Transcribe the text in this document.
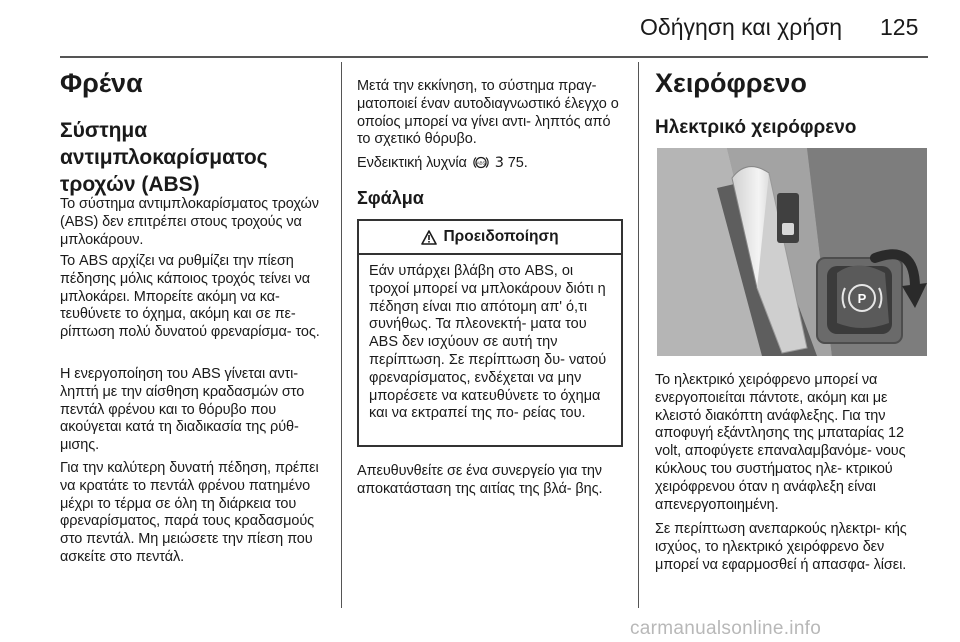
Οδήγηση και χρήση 125
Φρένα
Σύστημα αντιμπλοκαρίσματος τροχών (ABS)

Το σύστημα αντιμπλοκαρίσματος τροχών (ABS) δεν επιτρέπει στους τροχούς να μπλοκάρουν.

Το ABS αρχίζει να ρυθμίζει την πίεση πέδησης μόλις κάποιος τροχός τείνει να μπλοκάρει. Μπορείτε ακόμη να κα- τευθύνετε το όχημα, ακόμη και σε πε- ρίπτωση πολύ δυνατού φρεναρίσμα- τος.

Η ενεργοποίηση του ABS γίνεται αντι- ληπτή με την αίσθηση κραδασμών στο πεντάλ φρένου και το θόρυβο που ακούγεται κατά τη διαδικασία της ρύθ- μισης.

Για την καλύτερη δυνατή πέδηση, πρέπει να κρατάτε το πεντάλ φρένου πατημένο μέχρι το τέρμα σε όλη τη διάρκεια του φρεναρίσματος, παρά τους κραδασμούς στο πεντάλ. Μη μειώσετε την πίεση που ασκείτε στο πεντάλ.

Μετά την εκκίνηση, το σύστημα πραγ- ματοποιεί έναν αυτοδιαγνωστικό έλεγχο ο οποίος μπορεί να γίνει αντι- ληπτός από το σχετικό θόρυβο.

Ενδεικτική λυχνία (ABS) 3 75.

Σφάλμα
Προειδοποίηση

Εάν υπάρχει βλάβη στο ABS, οι τροχοί μπορεί να μπλοκάρουν διότι η πέδηση είναι πιο απότομη απ' ό,τι συνήθως. Τα πλεονεκτή- ματα του ABS δεν ισχύουν σε αυτή την περίπτωση. Σε περίπτωση δυ- νατού φρεναρίσματος, ενδέχεται να μην μπορέσετε να κατευθύνετε το όχημα και να εκτραπεί της πο- ρείας του.

Απευθυνθείτε σε ένα συνεργείο για την αποκατάσταση της αιτίας της βλά- βης.

Χειρόφρενο
Ηλεκτρικό χειρόφρενο
P

Το ηλεκτρικό χειρόφρενο μπορεί να ενεργοποιείται πάντοτε, ακόμη και με κλειστό διακόπτη ανάφλεξης. Για την αποφυγή εξάντλησης της μπαταρίας 12 volt, αποφύγετε επαναλαμβανόμε- νους κύκλους του συστήματος ηλε- κτρικού χειρόφρενου όταν η ανάφλεξη είναι απενεργοποιημένη.

Σε περίπτωση ανεπαρκούς ηλεκτρι- κής ισχύος, το ηλεκτρικό χειρόφρενο δεν μπορεί να εφαρμοσθεί ή απασφα- λίσει.

carmanualsonline.info
